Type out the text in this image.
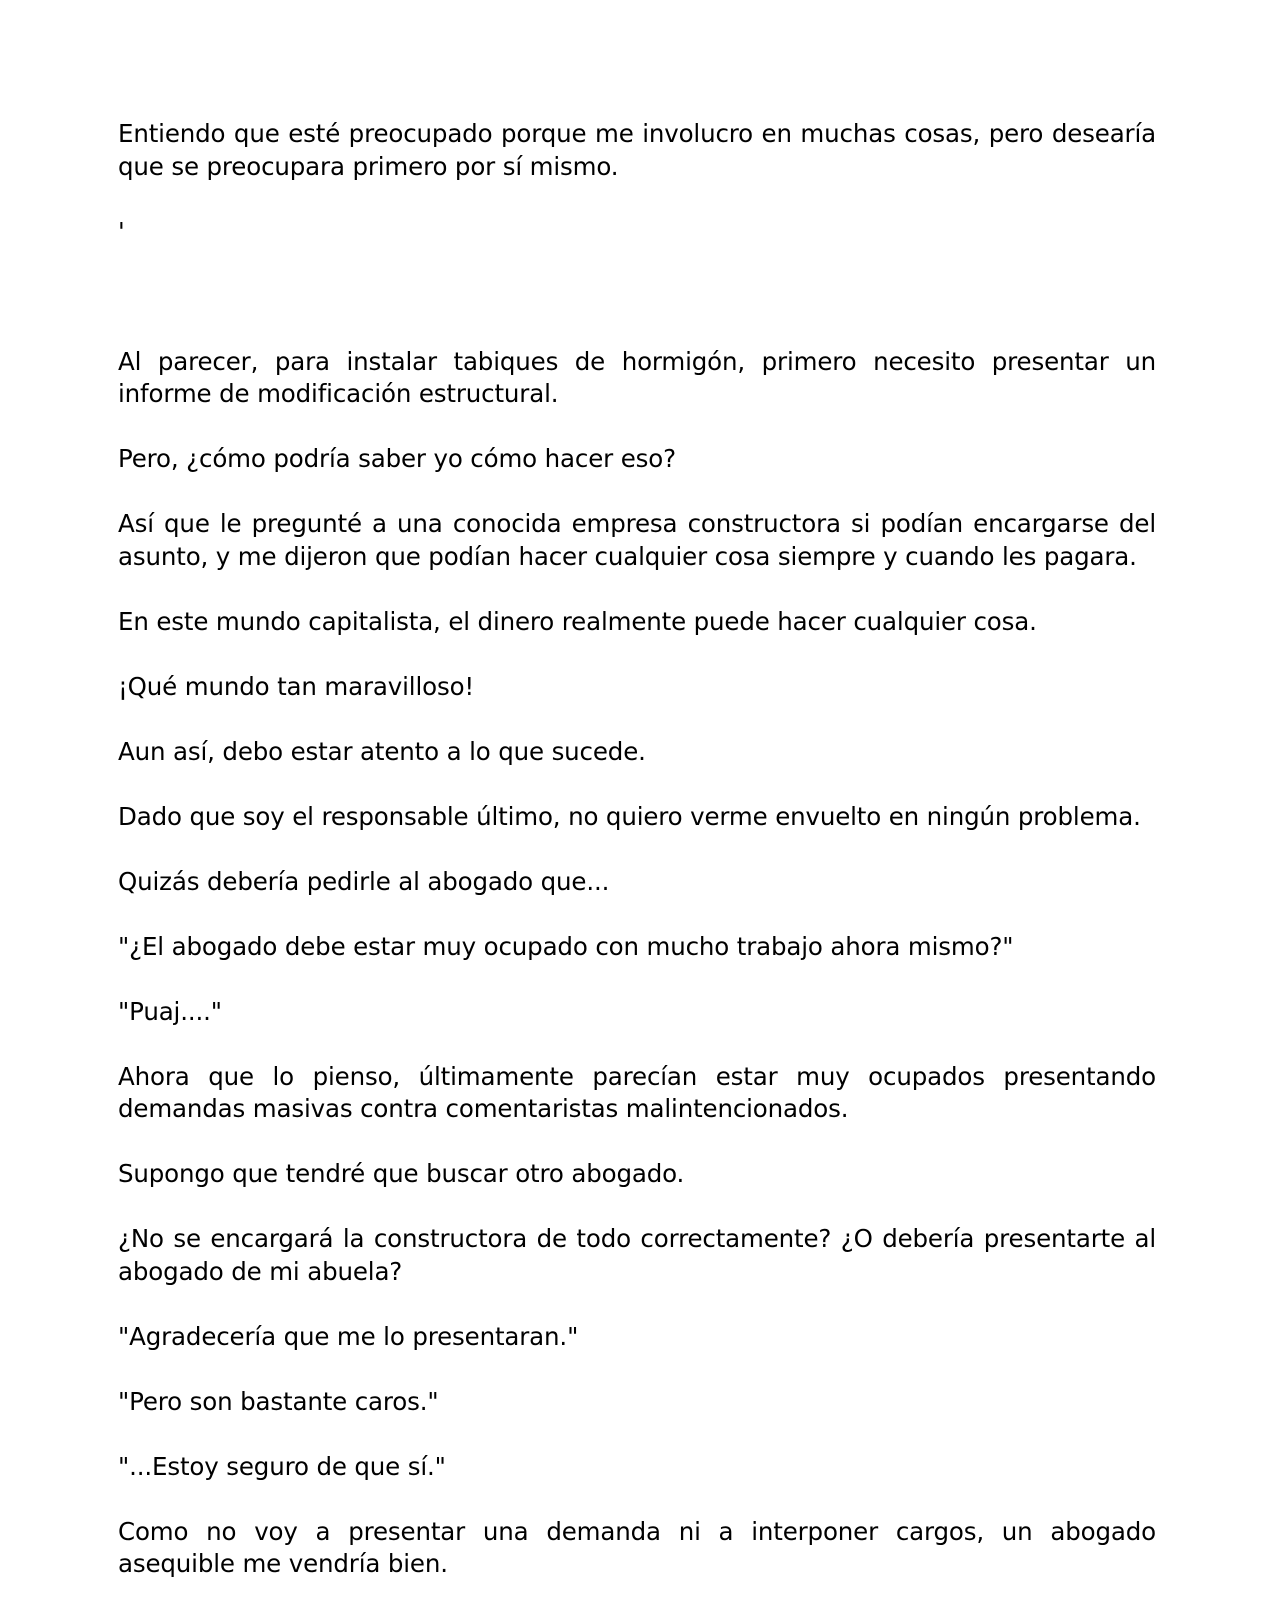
Entiendo que esté preocupado porque me involucro en muchas cosas, pero desearía que se preocupara primero por sí mismo.

'

Al parecer, para instalar tabiques de hormigón, primero necesito presentar un informe de modificación estructural.

Pero, ¿cómo podría saber yo cómo hacer eso?

Así que le pregunté a una conocida empresa constructora si podían encargarse del asunto, y me dijeron que podían hacer cualquier cosa siempre y cuando les pagara.

En este mundo capitalista, el dinero realmente puede hacer cualquier cosa.

¡Qué mundo tan maravilloso!

Aun así, debo estar atento a lo que sucede.

Dado que soy el responsable último, no quiero verme envuelto en ningún problema.

Quizás debería pedirle al abogado que...

"¿El abogado debe estar muy ocupado con mucho trabajo ahora mismo?"

"Puaj...."

Ahora que lo pienso, últimamente parecían estar muy ocupados presentando demandas masivas contra comentaristas malintencionados.

Supongo que tendré que buscar otro abogado.

¿No se encargará la constructora de todo correctamente? ¿O debería presentarte al abogado de mi abuela?

"Agradecería que me lo presentaran."

"Pero son bastante caros."

"...Estoy seguro de que sí."

Como no voy a presentar una demanda ni a interponer cargos, un abogado asequible me vendría bien.
